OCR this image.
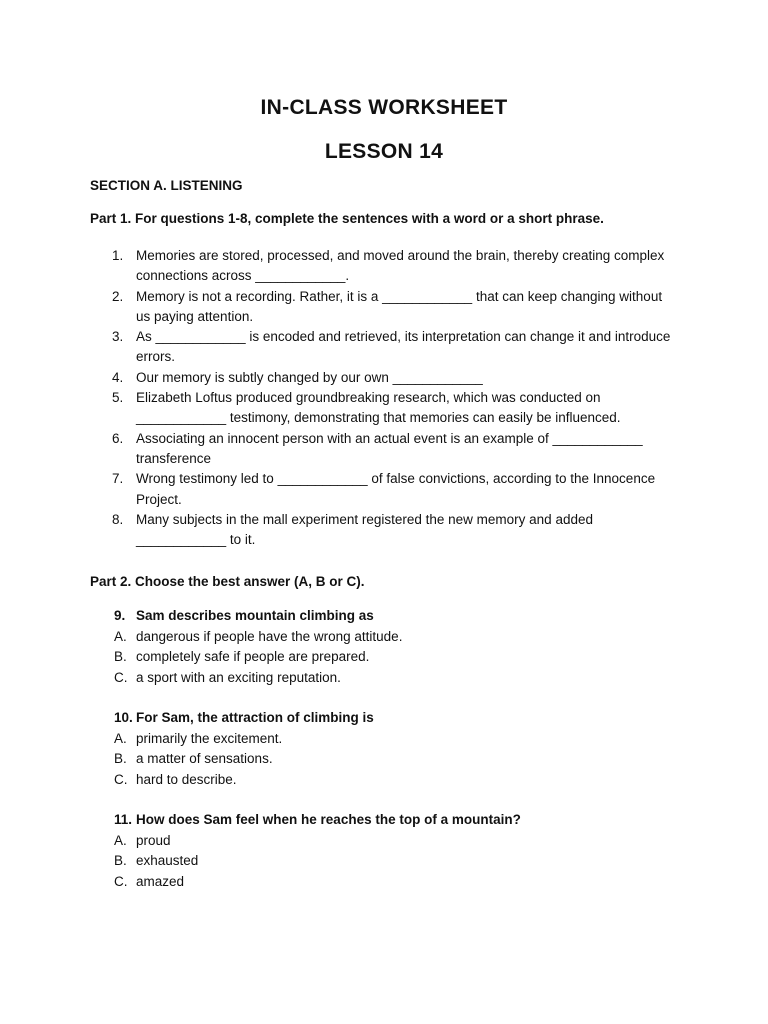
IN-CLASS WORKSHEET
LESSON 14
SECTION A. LISTENING
Part 1. For questions 1-8, complete the sentences with a word or a short phrase.
1. Memories are stored, processed, and moved around the brain, thereby creating complex connections across ____________.
2. Memory is not a recording. Rather, it is a ____________ that can keep changing without us paying attention.
3. As ____________ is encoded and retrieved, its interpretation can change it and introduce errors.
4. Our memory is subtly changed by our own ____________
5. Elizabeth Loftus produced groundbreaking research, which was conducted on ____________ testimony, demonstrating that memories can easily be influenced.
6. Associating an innocent person with an actual event is an example of ____________ transference
7. Wrong testimony led to ____________ of false convictions, according to the Innocence Project.
8. Many subjects in the mall experiment registered the new memory and added ____________ to it.
Part 2. Choose the best answer (A, B or C).
9. Sam describes mountain climbing as
A. dangerous if people have the wrong attitude.
B. completely safe if people are prepared.
C. a sport with an exciting reputation.
10. For Sam, the attraction of climbing is
A. primarily the excitement.
B. a matter of sensations.
C. hard to describe.
11. How does Sam feel when he reaches the top of a mountain?
A. proud
B. exhausted
C. amazed
